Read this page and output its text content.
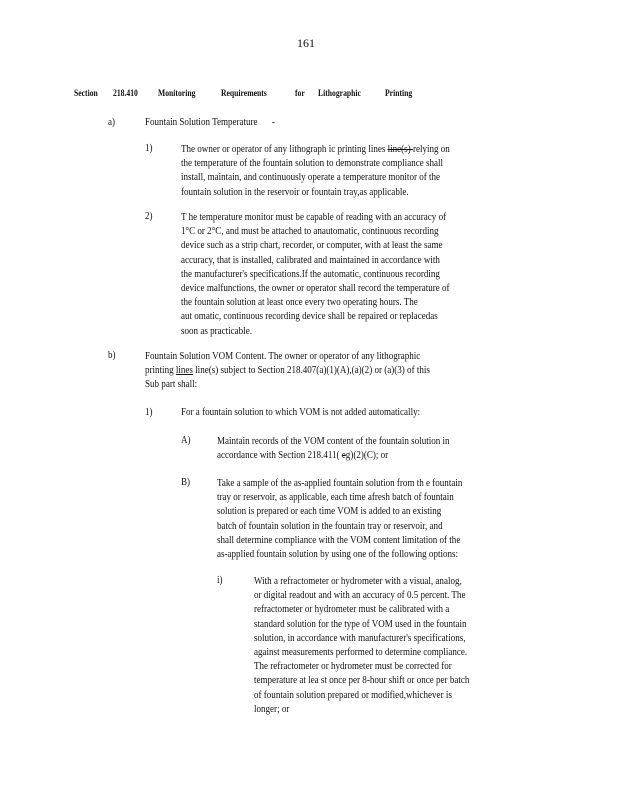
161
Section 218.410 Monitoring	Requirements	for Lithographic	Printing
a)	Fountain Solution Temperature -
1)	The owner or operator of any lithograph ic printing lines line(s) relying on
the temperature of the fountain solution to demonstrate compliance shall
install, maintain, and continuously operate a temperature monitor of the
fountain solution in the reservoir or fountain tray,as applicable.
2)	T he temperature monitor must be capable of reading with an accuracy of
1°C or 2°C, and must be attached to anautomatic, continuous recording
device such as a strip chart, recorder, or computer, with at least the same
accuracy, that is installed, calibrated and maintained in accordance with
the manufacturer's specifications.If the automatic, continuous recording
device malfunctions, the owner or operator shall record the temperature of
the fountain solution at least once every two operating hours. The
aut omatic, continuous recording device shall be repaired or replacedas
soon as practicable.
b)	Fountain Solution VOM Content. The owner or operator of any lithographic
printing lines line(s) subject to Section 218.407(a)(1)(A),(a)(2) or (a)(3) of this
Sub part shall:
1)	For a fountain solution to which VOM is not added automatically:
A)	Maintain records of the VOM content of the fountain solution in
accordance with Section 218.411( eg)(2)(C); or
B)	Take a sample of the as-applied fountain solution from th e fountain
tray or reservoir, as applicable, each time afresh batch of fountain
solution is prepared or each time VOM is added to an existing
batch of fountain solution in the fountain tray or reservoir, and
shall determine compliance with the VOM content limitation of the
as-applied fountain solution by using one of the following options:
i)	With a refractometer or hydrometer with a visual, analog,
or digital readout and with an accuracy of 0.5 percent. The
refractometer or hydrometer must be calibrated with a
standard solution for the type of VOM used in the fountain
solution, in accordance with manufacturer's specifications,
against measurements performed to determine compliance.
The refractometer or hydrometer must be corrected for
temperature at lea st once per 8-hour shift or once per batch
of fountain solution prepared or modified,whichever is
longer; or
